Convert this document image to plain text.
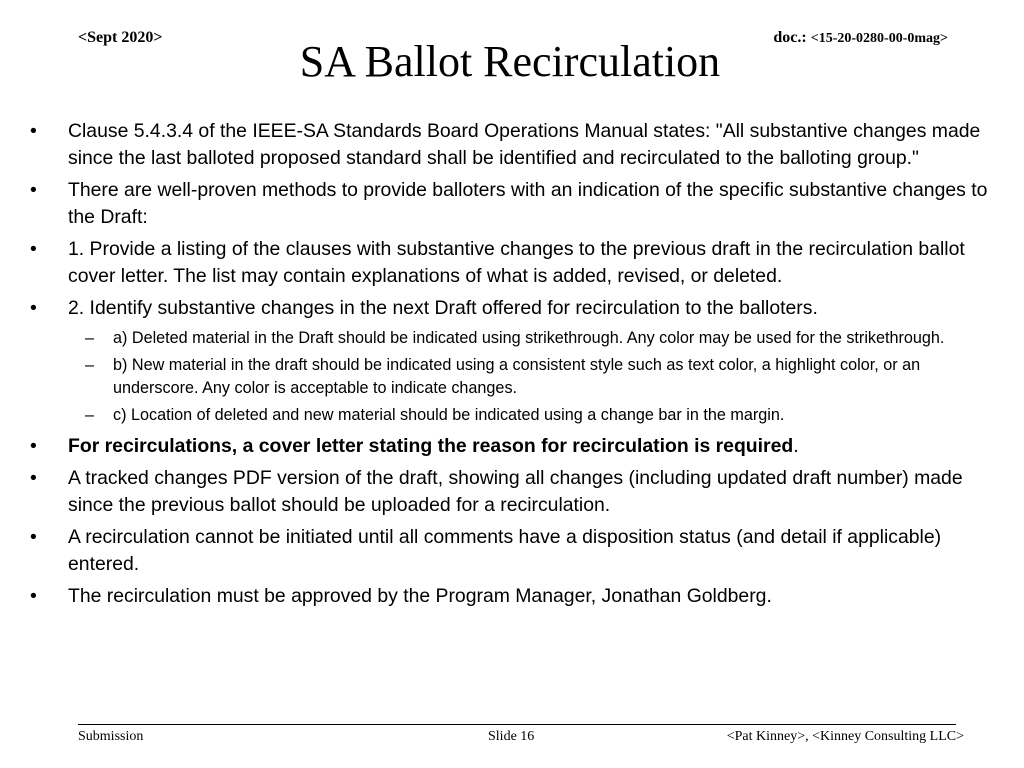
<Sept 2020>	doc.: <15-20-0280-00-0mag>
SA Ballot Recirculation
• Clause 5.4.3.4 of the IEEE-SA Standards Board Operations Manual states: "All substantive changes made since the last balloted proposed standard shall be identified and recirculated to the balloting group."
• There are well-proven methods to provide balloters with an indication of the specific substantive changes to the Draft:
• 1. Provide a listing of the clauses with substantive changes to the previous draft in the recirculation ballot cover letter. The list may contain explanations of what is added, revised, or deleted.
• 2. Identify substantive changes in the next Draft offered for recirculation to the balloters.
– a) Deleted material in the Draft should be indicated using strikethrough. Any color may be used for the strikethrough.
– b) New material in the draft should be indicated using a consistent style such as text color, a highlight color, or an underscore. Any color is acceptable to indicate changes.
– c) Location of deleted and new material should be indicated using a change bar in the margin.
• For recirculations, a cover letter stating the reason for recirculation is required.
• A tracked changes PDF version of the draft, showing all changes (including updated draft number) made since the previous ballot should be uploaded for a recirculation.
• A recirculation cannot be initiated until all comments have a disposition status (and detail if applicable) entered.
• The recirculation must be approved by the Program Manager, Jonathan Goldberg.
Submission	Slide 16	<Pat Kinney>, <Kinney Consulting LLC>
